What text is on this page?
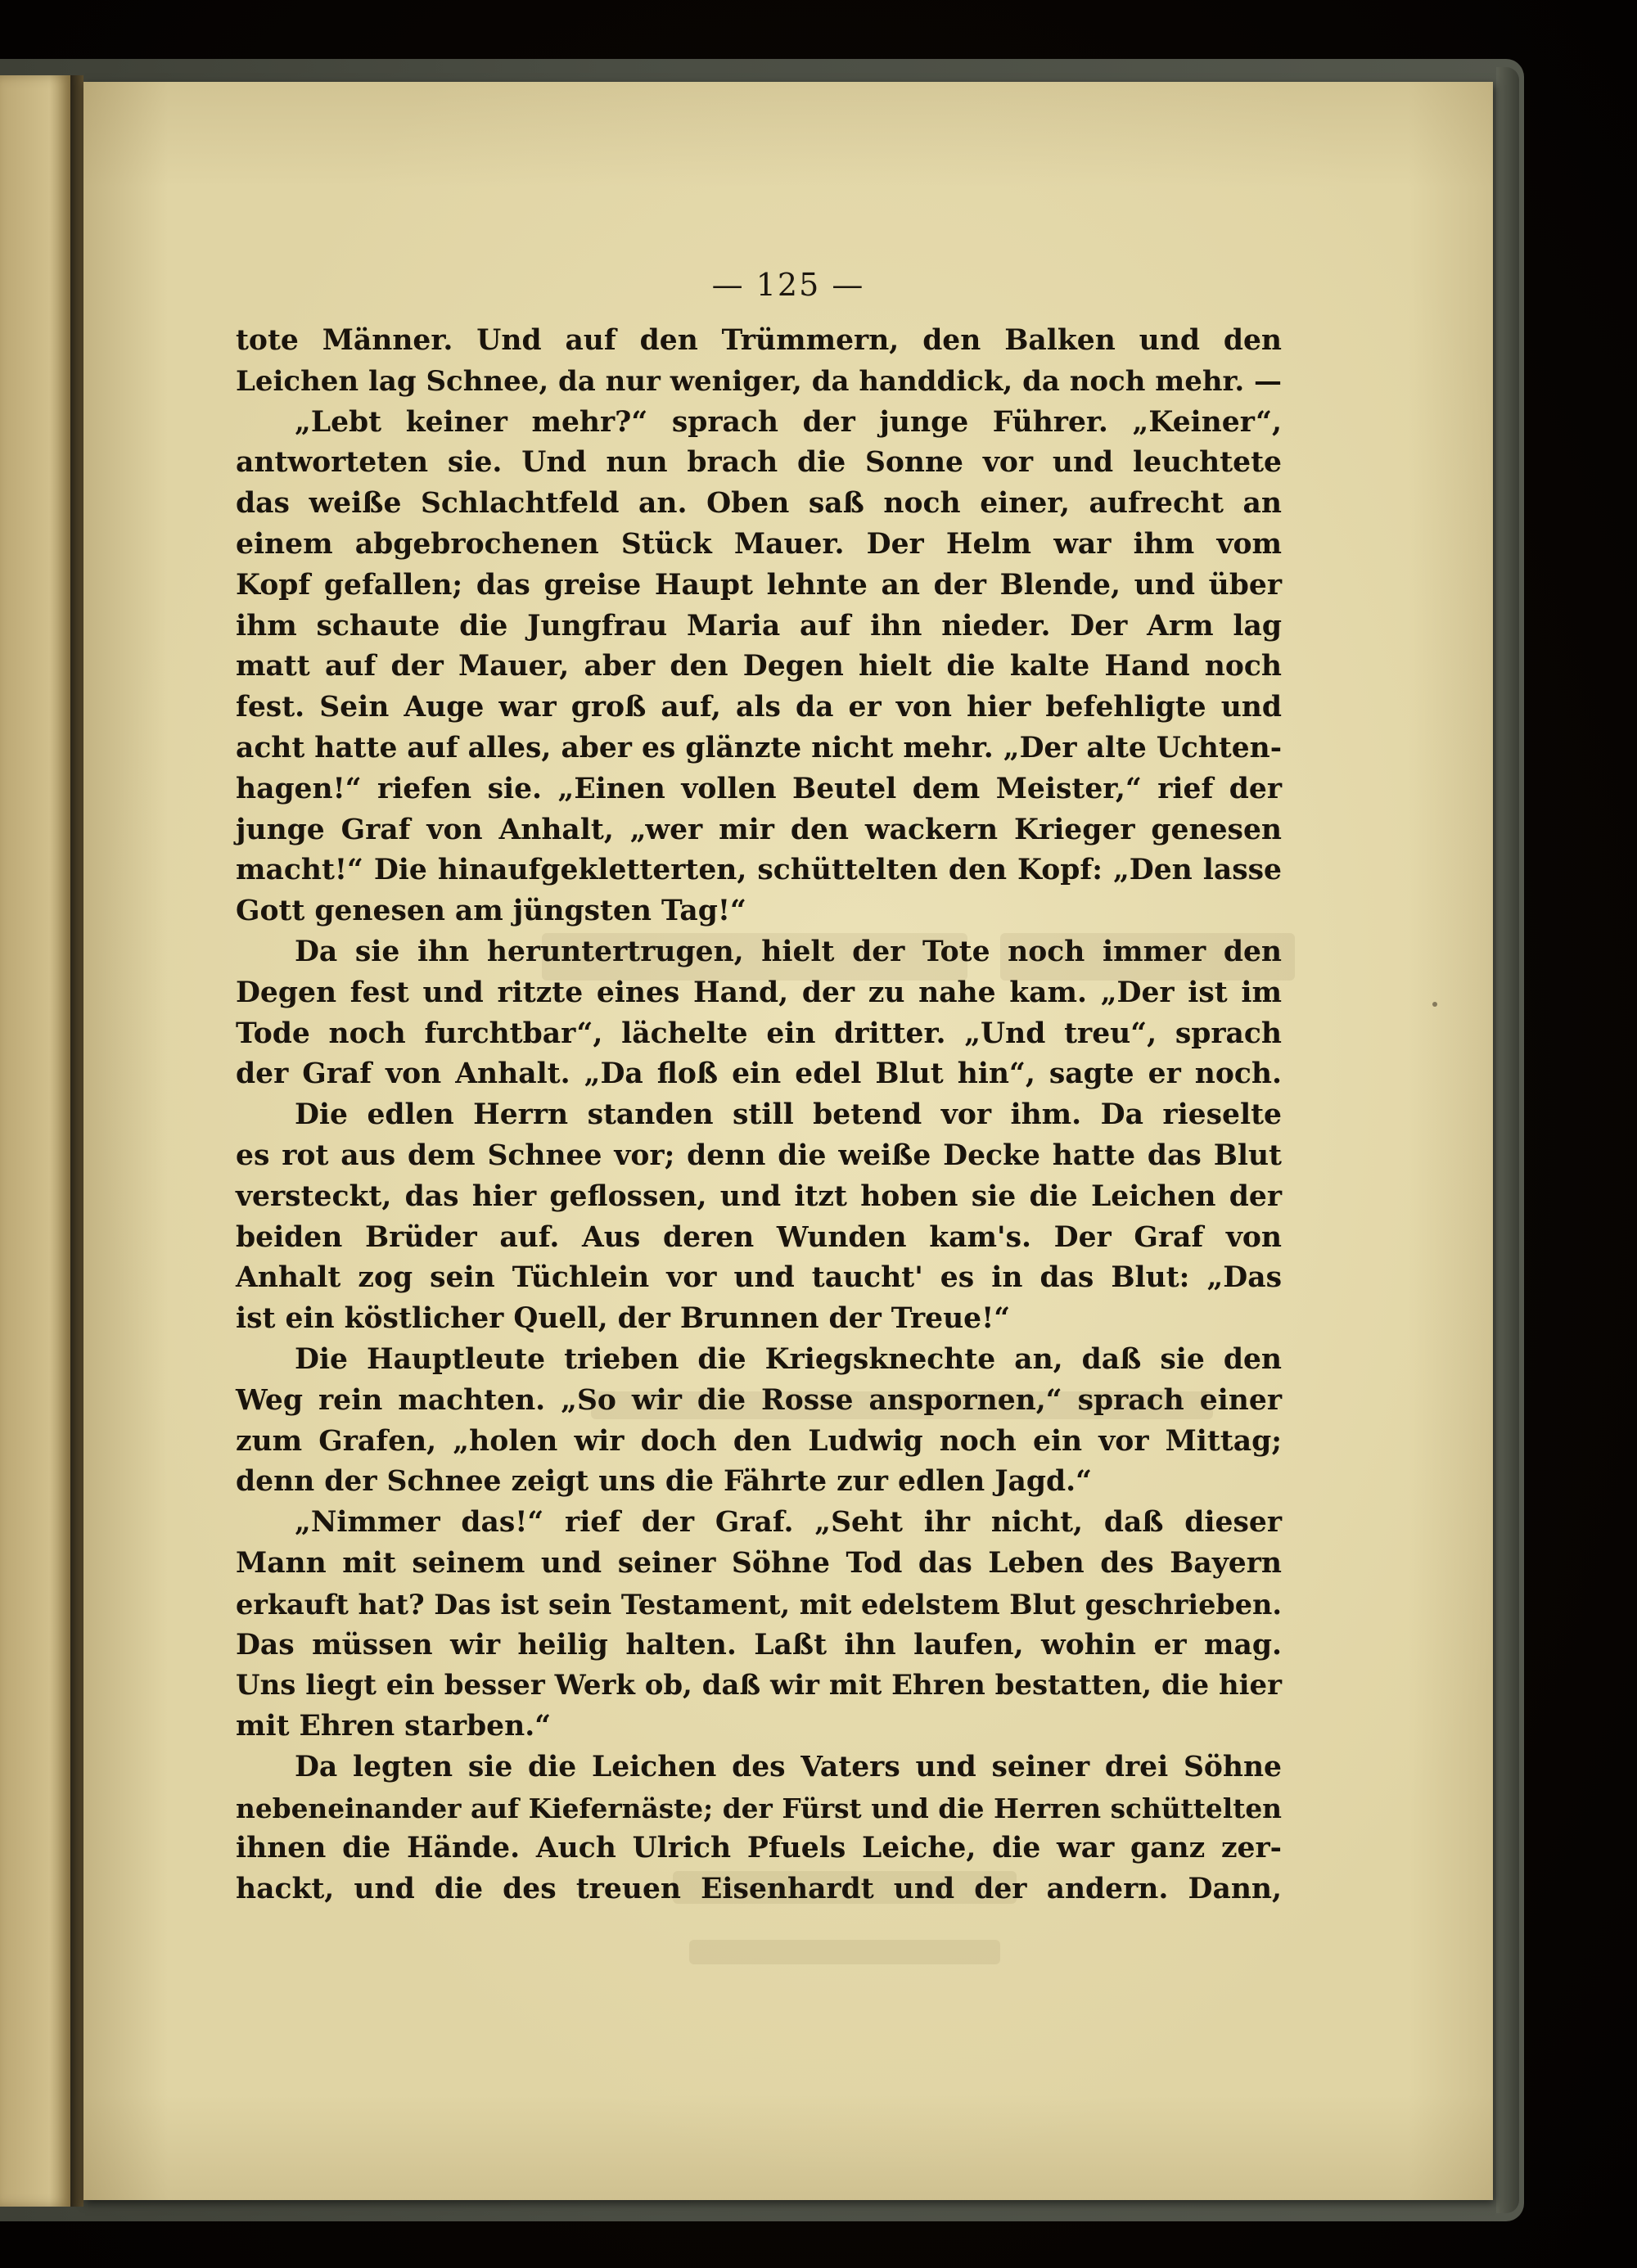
— 125 —
tote Männer. Und auf den Trümmern, den Balken und den
Leichen lag Schnee, da nur weniger, da handdick, da noch mehr. —
„Lebt keiner mehr?“ sprach der junge Führer. „Keiner“,
antworteten sie. Und nun brach die Sonne vor und leuchtete
das weiße Schlachtfeld an. Oben saß noch einer, aufrecht an
einem abgebrochenen Stück Mauer. Der Helm war ihm vom
Kopf gefallen; das greise Haupt lehnte an der Blende, und über
ihm schaute die Jungfrau Maria auf ihn nieder. Der Arm lag
matt auf der Mauer, aber den Degen hielt die kalte Hand noch
fest. Sein Auge war groß auf, als da er von hier befehligte und
acht hatte auf alles, aber es glänzte nicht mehr. „Der alte Uchten-
hagen!“ riefen sie. „Einen vollen Beutel dem Meister,“ rief der
junge Graf von Anhalt, „wer mir den wackern Krieger genesen
macht!“ Die hinaufgekletterten, schüttelten den Kopf: „Den lasse
Gott genesen am jüngsten Tag!“
Da sie ihn heruntertrugen, hielt der Tote noch immer den
Degen fest und ritzte eines Hand, der zu nahe kam. „Der ist im
Tode noch furchtbar“, lächelte ein dritter. „Und treu“, sprach
der Graf von Anhalt. „Da floß ein edel Blut hin“, sagte er noch.
Die edlen Herrn standen still betend vor ihm. Da rieselte
es rot aus dem Schnee vor; denn die weiße Decke hatte das Blut
versteckt, das hier geflossen, und itzt hoben sie die Leichen der
beiden Brüder auf. Aus deren Wunden kam's. Der Graf von
Anhalt zog sein Tüchlein vor und taucht' es in das Blut: „Das
ist ein köstlicher Quell, der Brunnen der Treue!“
Die Hauptleute trieben die Kriegsknechte an, daß sie den
Weg rein machten. „So wir die Rosse anspornen,“ sprach einer
zum Grafen, „holen wir doch den Ludwig noch ein vor Mittag;
denn der Schnee zeigt uns die Fährte zur edlen Jagd.“
„Nimmer das!“ rief der Graf. „Seht ihr nicht, daß dieser
Mann mit seinem und seiner Söhne Tod das Leben des Bayern
erkauft hat? Das ist sein Testament, mit edelstem Blut geschrieben.
Das müssen wir heilig halten. Laßt ihn laufen, wohin er mag.
Uns liegt ein besser Werk ob, daß wir mit Ehren bestatten, die hier
mit Ehren starben.“
Da legten sie die Leichen des Vaters und seiner drei Söhne
nebeneinander auf Kiefernäste; der Fürst und die Herren schüttelten
ihnen die Hände. Auch Ulrich Pfuels Leiche, die war ganz zer-
hackt, und die des treuen Eisenhardt und der andern. Dann,
